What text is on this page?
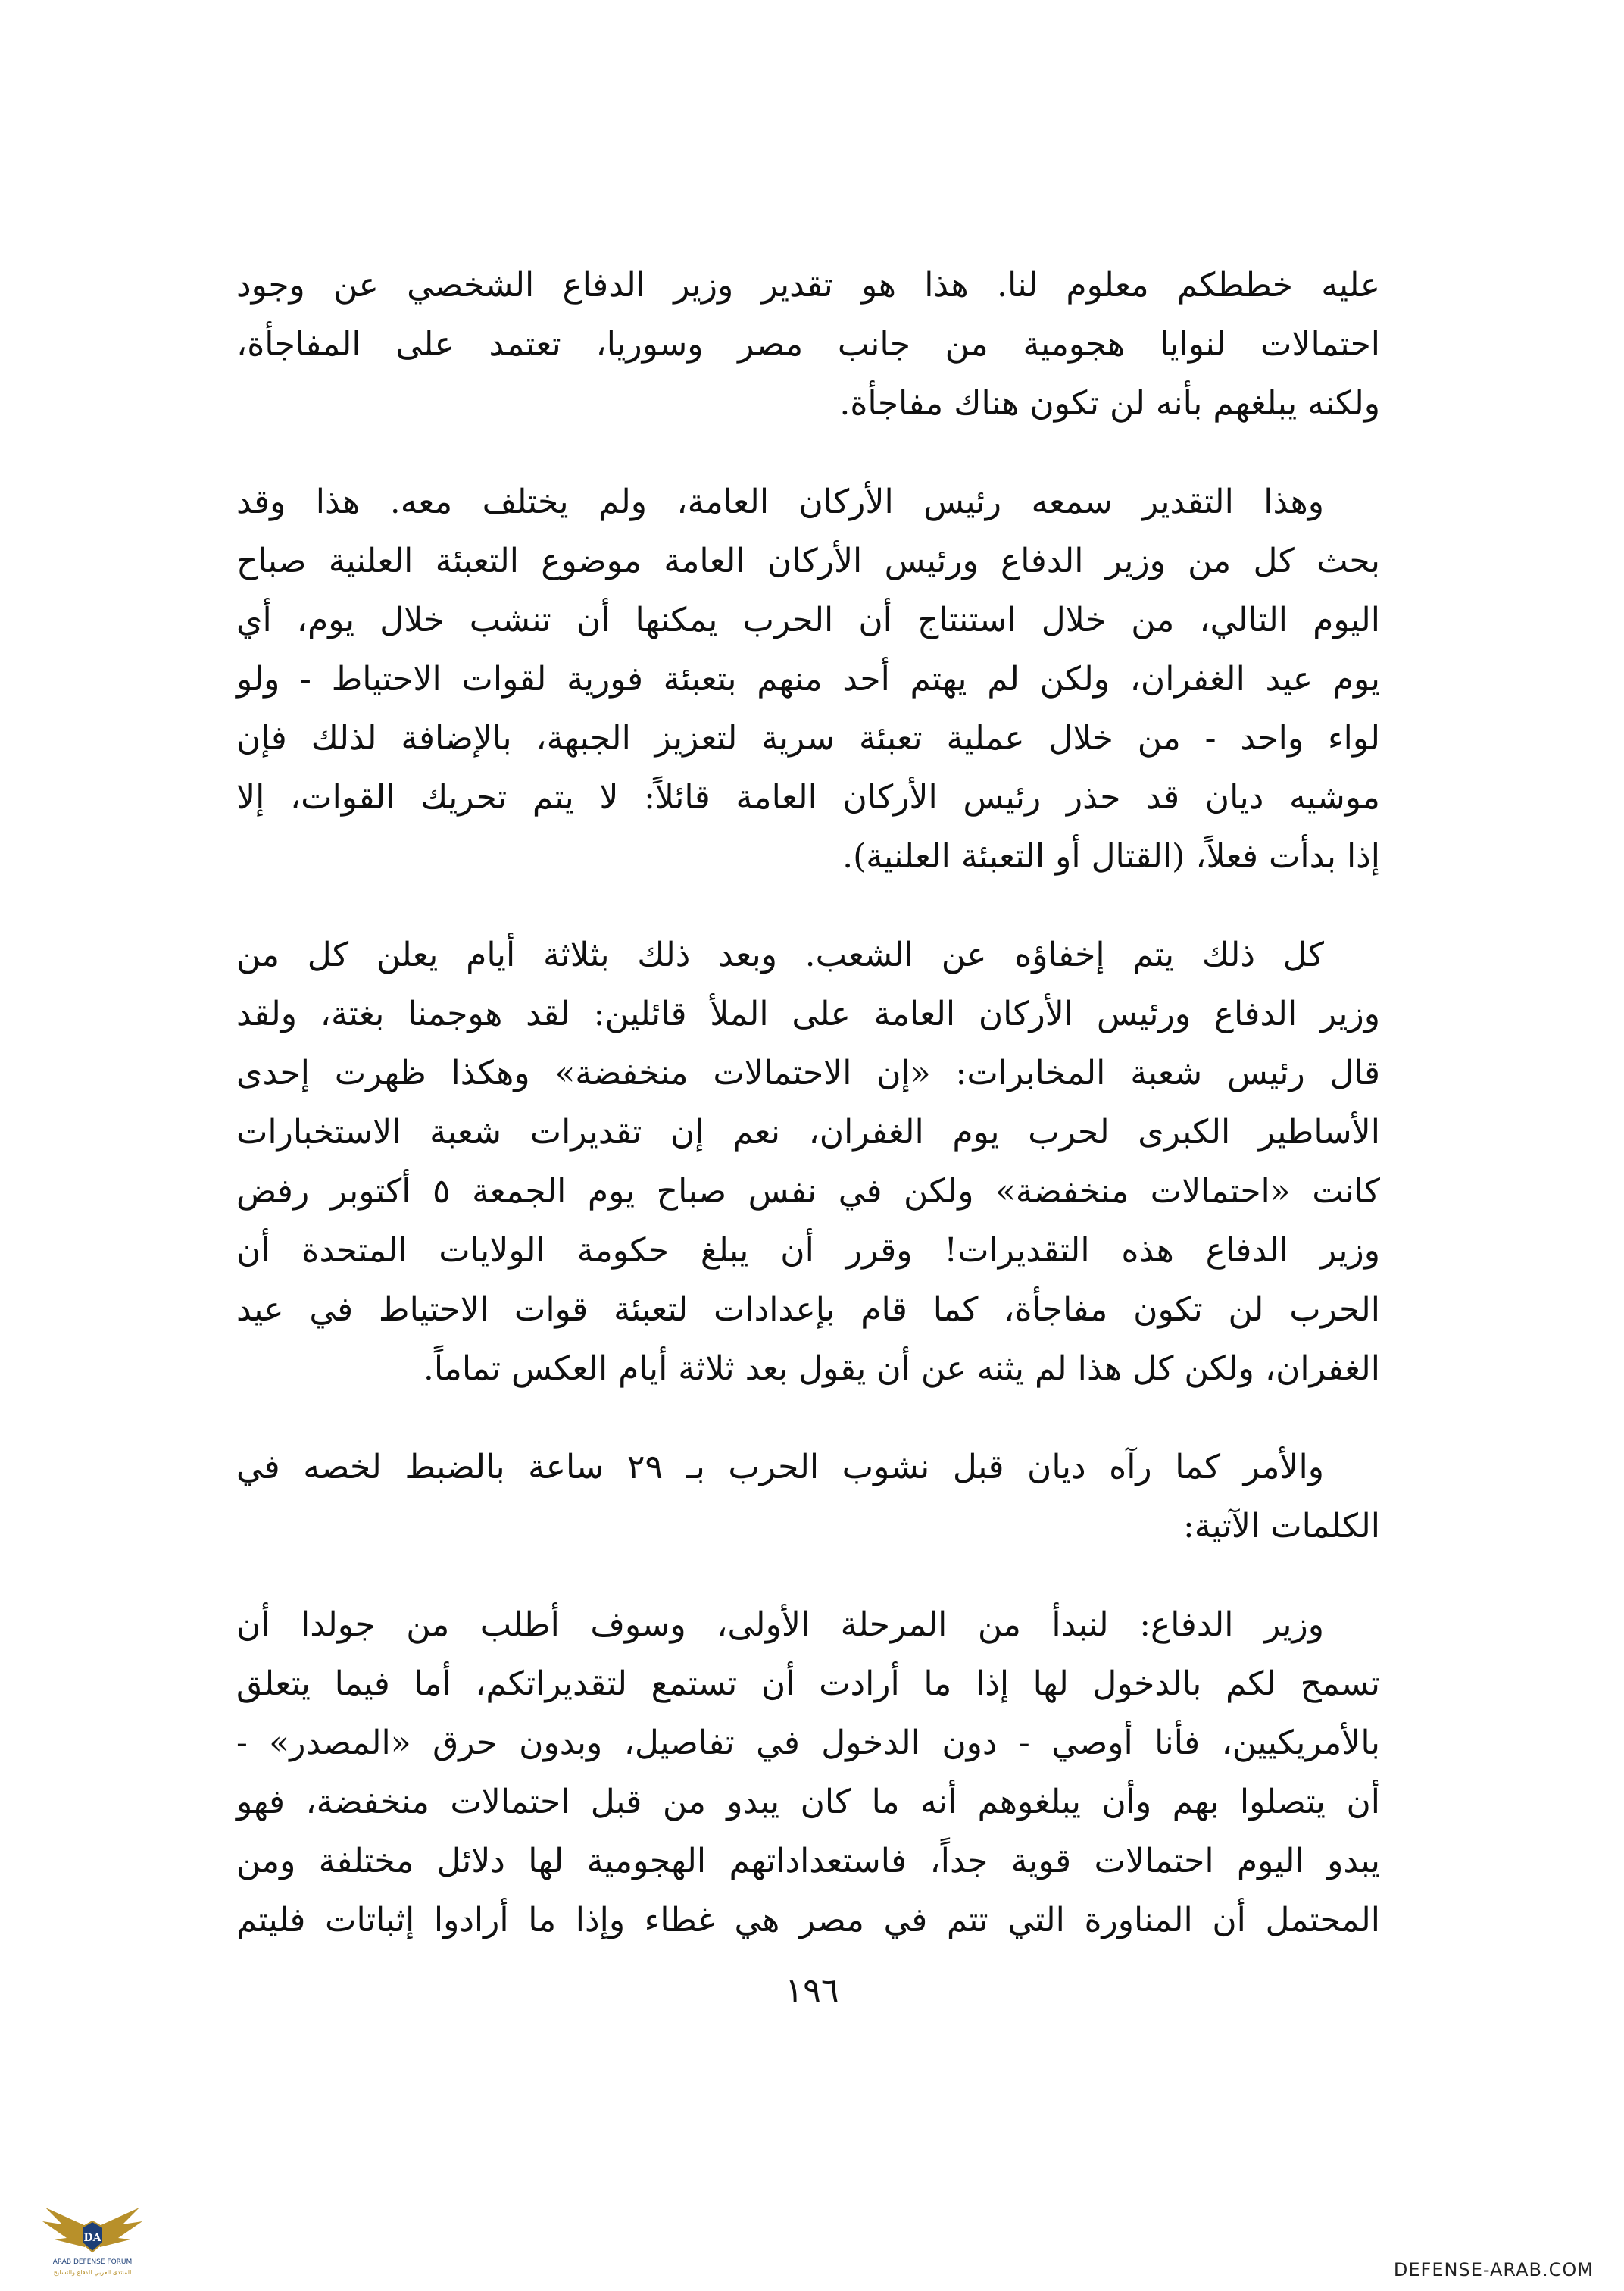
عليه خططكم معلوم لنا. هذا هو تقدير وزير الدفاع الشخصي عن وجود
احتمالات لنوايا هجومية من جانب مصر وسوريا، تعتمد على المفاجأة،
ولكنه يبلغهم بأنه لن تكون هناك مفاجأة.
وهذا التقدير سمعه رئيس الأركان العامة، ولم يختلف معه. هذا وقد
بحث كل من وزير الدفاع ورئيس الأركان العامة موضوع التعبئة العلنية صباح
اليوم التالي، من خلال استنتاج أن الحرب يمكنها أن تنشب خلال يوم، أي
يوم عيد الغفران، ولكن لم يهتم أحد منهم بتعبئة فورية لقوات الاحتياط - ولو
لواء واحد - من خلال عملية تعبئة سرية لتعزيز الجبهة، بالإضافة لذلك فإن
موشيه ديان قد حذر رئيس الأركان العامة قائلاً: لا يتم تحريك القوات، إلا
إذا بدأت فعلاً، (القتال أو التعبئة العلنية).
كل ذلك يتم إخفاؤه عن الشعب. وبعد ذلك بثلاثة أيام يعلن كل من
وزير الدفاع ورئيس الأركان العامة على الملأ قائلين: لقد هوجمنا بغتة، ولقد
قال رئيس شعبة المخابرات: «إن الاحتمالات منخفضة» وهكذا ظهرت إحدى
الأساطير الكبرى لحرب يوم الغفران، نعم إن تقديرات شعبة الاستخبارات
كانت «احتمالات منخفضة» ولكن في نفس صباح يوم الجمعة ٥ أكتوبر رفض
وزير الدفاع هذه التقديرات! وقرر أن يبلغ حكومة الولايات المتحدة أن
الحرب لن تكون مفاجأة، كما قام بإعدادات لتعبئة قوات الاحتياط في عيد
الغفران، ولكن كل هذا لم يثنه عن أن يقول بعد ثلاثة أيام العكس تماماً.
والأمر كما رآه ديان قبل نشوب الحرب بـ ٢٩ ساعة بالضبط لخصه في
الكلمات الآتية:
وزير الدفاع: لنبدأ من المرحلة الأولى، وسوف أطلب من جولدا أن
تسمح لكم بالدخول لها إذا ما أرادت أن تستمع لتقديراتكم، أما فيما يتعلق
بالأمريكيين، فأنا أوصي - دون الدخول في تفاصيل، وبدون حرق «المصدر» -
أن يتصلوا بهم وأن يبلغوهم أنه ما كان يبدو من قبل احتمالات منخفضة، فهو
يبدو اليوم احتمالات قوية جداً، فاستعداداتهم الهجومية لها دلائل مختلفة ومن
المحتمل أن المناورة التي تتم في مصر هي غطاء وإذا ما أرادوا إثباتات فليتم
١٩٦
DA
ARAB DEFENSE FORUM
المنتدى العربي للدفاع والتسليح	DEFENSE-ARAB.COM
